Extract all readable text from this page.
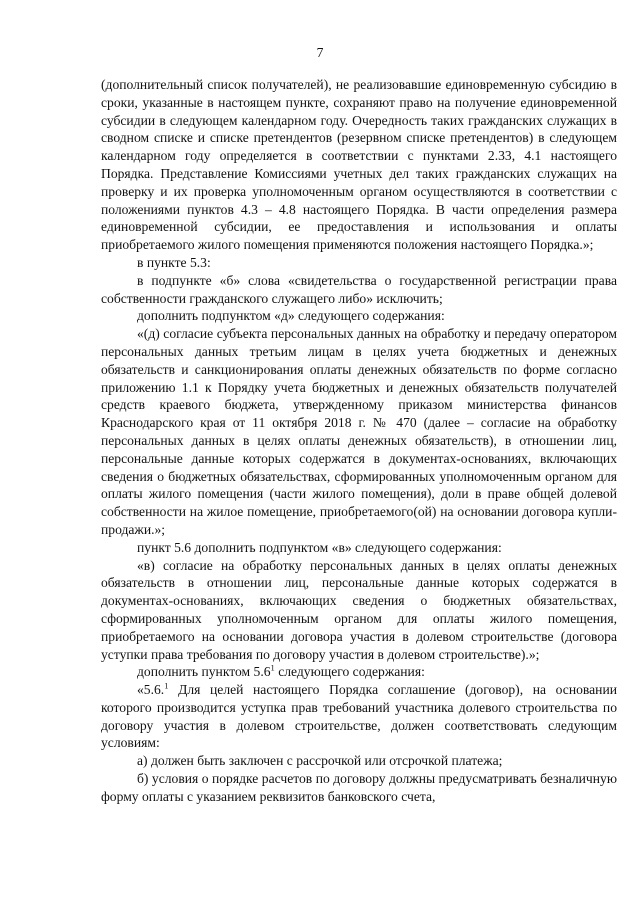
7

(дополнительный список получателей), не реализовавшие единовременную субсидию в сроки, указанные в настоящем пункте, сохраняют право на получение единовременной субсидии в следующем календарном году. Очередность таких гражданских служащих в сводном списке и списке претендентов (резервном списке претендентов) в следующем календарном году определяется в соответствии с пунктами 2.33, 4.1 настоящего Порядка. Представление Комиссиями учетных дел таких гражданских служащих на проверку и их проверка уполномоченным органом осуществляются в соответствии с положениями пунктов 4.3 – 4.8 настоящего Порядка. В части определения размера единовременной субсидии, ее предоставления и использования и оплаты приобретаемого жилого помещения применяются положения настоящего Порядка.»;

в пункте 5.3:

в подпункте «б» слова «свидетельства о государственной регистрации права собственности гражданского служащего либо» исключить;

дополнить подпунктом «д» следующего содержания:

«(д) согласие субъекта персональных данных на обработку и передачу оператором персональных данных третьим лицам в целях учета бюджетных и денежных обязательств и санкционирования оплаты денежных обязательств по форме согласно приложению 1.1 к Порядку учета бюджетных и денежных обязательств получателей средств краевого бюджета, утвержденному приказом министерства финансов Краснодарского края от 11 октября 2018 г. № 470 (далее – согласие на обработку персональных данных в целях оплаты денежных обязательств), в отношении лиц, персональные данные которых содержатся в документах-основаниях, включающих сведения о бюджетных обязательствах, сформированных уполномоченным органом для оплаты жилого помещения (части жилого помещения), доли в праве общей долевой собственности на жилое помещение, приобретаемого(ой) на основании договора купли-продажи.»;

пункт 5.6 дополнить подпунктом «в» следующего содержания:

«в) согласие на обработку персональных данных в целях оплаты денежных обязательств в отношении лиц, персональные данные которых содержатся в документах-основаниях, включающих сведения о бюджетных обязательствах, сформированных уполномоченным органом для оплаты жилого помещения, приобретаемого на основании договора участия в долевом строительстве (договора уступки права требования по договору участия в долевом строительстве).»;

дополнить пунктом $5.6^1$ следующего содержания:

«5.6.$^1$ Для целей настоящего Порядка соглашение (договор), на основании которого производится уступка прав требований участника долевого строительства по договору участия в долевом строительстве, должен соответствовать следующим условиям:

а) должен быть заключен с рассрочкой или отсрочкой платежа;

б) условия о порядке расчетов по договору должны предусматривать безналичную форму оплаты с указанием реквизитов банковского счета,
